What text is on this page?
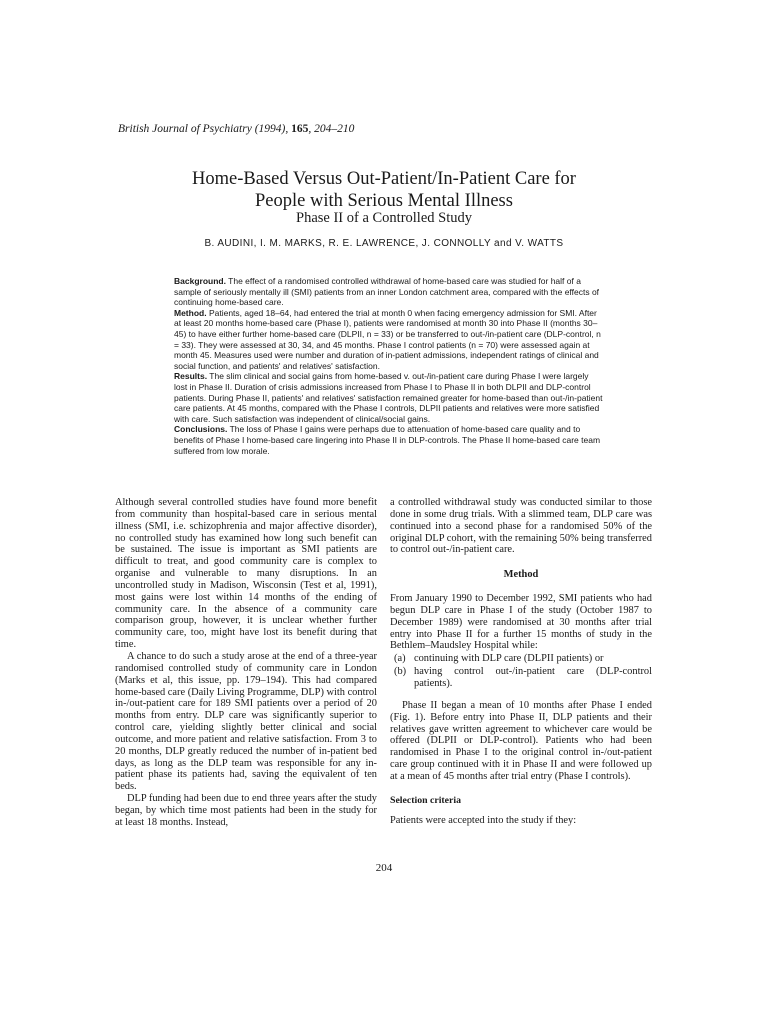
British Journal of Psychiatry (1994), 165, 204–210
Home-Based Versus Out-Patient/In-Patient Care for
People with Serious Mental Illness
Phase II of a Controlled Study
B. AUDINI, I. M. MARKS, R. E. LAWRENCE, J. CONNOLLY and V. WATTS

Background. The effect of a randomised controlled withdrawal of home-based care was studied for half of a sample of seriously mentally ill (SMI) patients from an inner London catchment area, compared with the effects of continuing home-based care.

Method. Patients, aged 18–64, had entered the trial at month 0 when facing emergency admission for SMI. After at least 20 months home-based care (Phase I), patients were randomised at month 30 into Phase II (months 30–45) to have either further home-based care (DLPII, n = 33) or be transferred to out-/in-patient care (DLP-control, n = 33). They were assessed at 30, 34, and 45 months. Phase I control patients (n = 70) were assessed again at month 45. Measures used were number and duration of in-patient admissions, independent ratings of clinical and social function, and patients' and relatives' satisfaction.

Results. The slim clinical and social gains from home-based v. out-/in-patient care during Phase I were largely lost in Phase II. Duration of crisis admissions increased from Phase I to Phase II in both DLPII and DLP-control patients. During Phase II, patients' and relatives' satisfaction remained greater for home-based than out-/in-patient care patients. At 45 months, compared with the Phase I controls, DLPII patients and relatives were more satisfied with care. Such satisfaction was independent of clinical/social gains.

Conclusions. The loss of Phase I gains were perhaps due to attenuation of home-based care quality and to benefits of Phase I home-based care lingering into Phase II in DLP-controls. The Phase II home-based care team suffered from low morale.

Although several controlled studies have found more benefit from community than hospital-based care in serious mental illness (SMI, i.e. schizophrenia and major affective disorder), no controlled study has examined how long such benefit can be sustained. The issue is important as SMI patients are difficult to treat, and good community care is complex to organise and vulnerable to many disruptions. In an uncontrolled study in Madison, Wisconsin (Test et al, 1991), most gains were lost within 14 months of the ending of community care. In the absence of a community care comparison group, however, it is unclear whether further community care, too, might have lost its benefit during that time.

A chance to do such a study arose at the end of a three-year randomised controlled study of community care in London (Marks et al, this issue, pp. 179–194). This had compared home-based care (Daily Living Programme, DLP) with control in-/out-patient care for 189 SMI patients over a period of 20 months from entry. DLP care was significantly superior to control care, yielding slightly better clinical and social outcome, and more patient and relative satisfaction. From 3 to 20 months, DLP greatly reduced the number of in-patient bed days, as long as the DLP team was responsible for any in-patient phase its patients had, saving the equivalent of ten beds.

DLP funding had been due to end three years after the study began, by which time most patients had been in the study for at least 18 months. Instead,

a controlled withdrawal study was conducted similar to those done in some drug trials. With a slimmed team, DLP care was continued into a second phase for a randomised 50% of the original DLP cohort, with the remaining 50% being transferred to control out-/in-patient care.

Method

From January 1990 to December 1992, SMI patients who had begun DLP care in Phase I of the study (October 1987 to December 1989) were randomised at 30 months after trial entry into Phase II for a further 15 months of study in the Bethlem–Maudsley Hospital while:

(a) continuing with DLP care (DLPII patients) or
(b) having control out-/in-patient care (DLP-control patients).

Phase II began a mean of 10 months after Phase I ended (Fig. 1). Before entry into Phase II, DLP patients and their relatives gave written agreement to whichever care would be offered (DLPII or DLP-control). Patients who had been randomised in Phase I to the original control in-/out-patient care group continued with it in Phase II and were followed up at a mean of 45 months after trial entry (Phase I controls).

Selection criteria

Patients were accepted into the study if they:

204
